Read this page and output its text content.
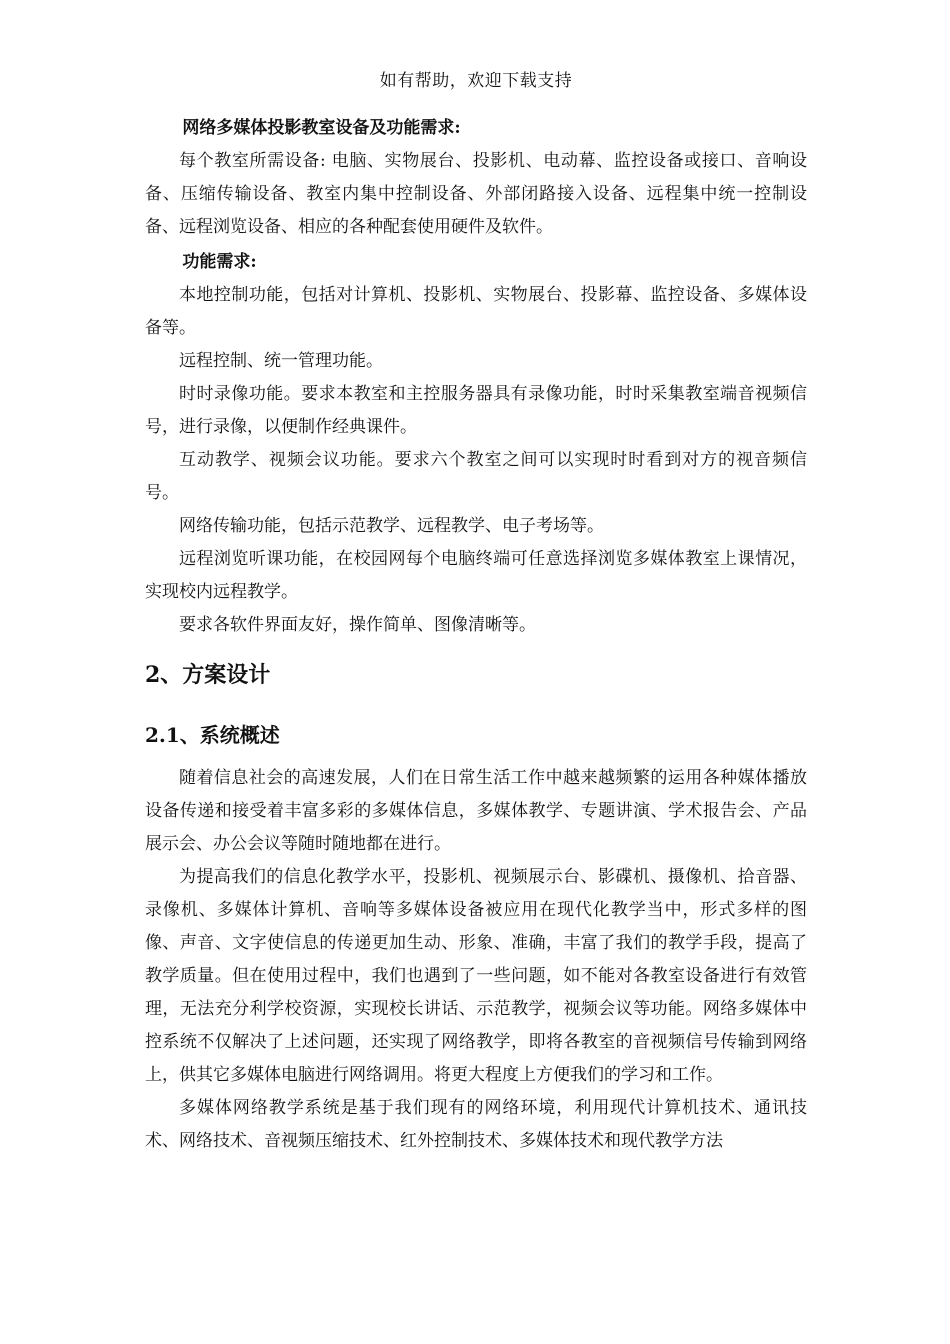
如有帮助，欢迎下载支持

网络多媒体投影教室设备及功能需求:

每个教室所需设备: 电脑、实物展台、投影机、电动幕、监控设备或接口、音响设备、压缩传输设备、教室内集中控制设备、外部闭路接入设备、远程集中统一控制设备、远程浏览设备、相应的各种配套使用硬件及软件。

功能需求:

本地控制功能，包括对计算机、投影机、实物展台、投影幕、监控设备、多媒体设备等。

远程控制、统一管理功能。

时时录像功能。要求本教室和主控服务器具有录像功能，时时采集教室端音视频信号，进行录像，以便制作经典课件。

互动教学、视频会议功能。要求六个教室之间可以实现时时看到对方的视音频信号。

网络传输功能，包括示范教学、远程教学、电子考场等。

远程浏览听课功能，在校园网每个电脑终端可任意选择浏览多媒体教室上课情况，实现校内远程教学。

要求各软件界面友好，操作简单、图像清晰等。

2、方案设计

2.1、系统概述

随着信息社会的高速发展，人们在日常生活工作中越来越频繁的运用各种媒体播放设备传递和接受着丰富多彩的多媒体信息，多媒体教学、专题讲演、学术报告会、产品展示会、办公会议等随时随地都在进行。

为提高我们的信息化教学水平，投影机、视频展示台、影碟机、摄像机、拾音器、录像机、多媒体计算机、音响等多媒体设备被应用在现代化教学当中，形式多样的图像、声音、文字使信息的传递更加生动、形象、准确，丰富了我们的教学手段，提高了教学质量。但在使用过程中，我们也遇到了一些问题，如不能对各教室设备进行有效管理，无法充分利学校资源，实现校长讲话、示范教学，视频会议等功能。网络多媒体中控系统不仅解决了上述问题，还实现了网络教学，即将各教室的音视频信号传输到网络上，供其它多媒体电脑进行网络调用。将更大程度上方便我们的学习和工作。

多媒体网络教学系统是基于我们现有的网络环境，利用现代计算机技术、通讯技术、网络技术、音视频压缩技术、红外控制技术、多媒体技术和现代教学方法
